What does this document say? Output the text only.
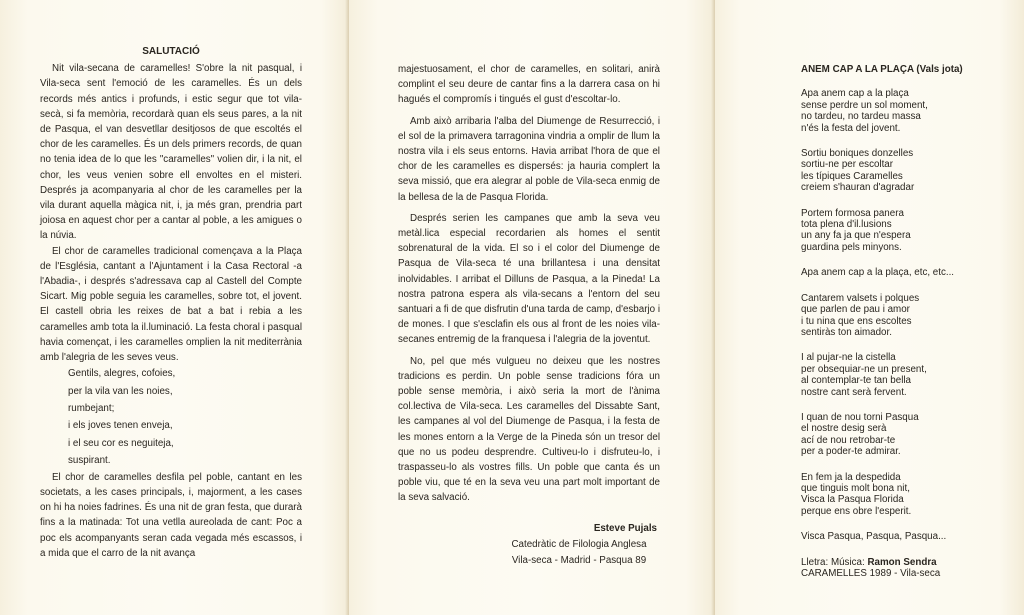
SALUTACIÓ

Nit vila-secana de caramelles! S'obre la nit pasqual, i Vila-seca sent l'emoció de les caramelles. És un dels records més antics i profunds, i estic segur que tot vila-secà, si fa memòria, recordarà quan els seus pares, a la nit de Pasqua, el van desvetllar desitjosos de que escoltés el chor de les caramelles. És un dels primers records, de quan no tenia idea de lo que les "caramelles" volien dir, i la nit, el chor, les veus venien sobre ell envoltes en el misteri. Després ja acompanyaria al chor de les caramelles per la vila durant aquella màgica nit, i, ja més gran, prendria part joiosa en aquest chor per a cantar al poble, a les amigues o la núvia.

El chor de caramelles tradicional començava a la Plaça de l'Església, cantant a l'Ajuntament i la Casa Rectoral -a l'Abadia-, i després s'adressava cap al Castell del Compte Sicart. Mig poble seguia les caramelles, sobre tot, el jovent. El castell obria les reixes de bat a bat i rebia a les caramelles amb tota la il.luminació. La festa choral i pasqual havia començat, i les caramelles omplien la nit mediterrània amb l'alegria de les seves veus.

Gentils, alegres, cofoies,
per la vila van les noies,
rumbejant;
i els joves tenen enveja,
i el seu cor es neguiteja,
suspirant.

El chor de caramelles desfila pel poble, cantant en les societats, a les cases principals, i, majorment, a les cases on hi ha noies fadrines. És una nit de gran festa, que durarà fins a la matinada: Tot una vetlla aureolada de cant: Poc a poc els acompanyants seran cada vegada més escassos, i a mida que el carro de la nit avança

majestuosament, el chor de caramelles, en solitari, anirà complint el seu deure de cantar fins a la darrera casa on hi hagués el compromís i tingués el gust d'escoltar-lo.

Amb això arribaria l'alba del Diumenge de Resurrecció, i el sol de la primavera tarragonina vindria a omplir de llum la nostra vila i els seus entorns. Havia arribat l'hora de que el chor de les caramelles es dispersés: ja hauria complert la seva missió, que era alegrar al poble de Vila-seca enmig de la bellesa de la de Pasqua Florida.

Després serien les campanes que amb la seva veu metàl.lica especial recordarien als homes el sentit sobrenatural de la vida. El so i el color del Diumenge de Pasqua de Vila-seca té una brillantesa i una densitat inolvidables. I arribat el Dilluns de Pasqua, a la Pineda! La nostra patrona espera als vila-secans a l'entorn del seu santuari a fi de que disfrutin d'una tarda de camp, d'esbarjo i de mones. I que s'esclafin els ous al front de les noies vila-secanes entremig de la franquesa i l'alegria de la joventut.

No, pel que més vulgueu no deixeu que les nostres tradicions es perdin. Un poble sense tradicions fóra un poble sense memòria, i això seria la mort de l'ànima col.lectiva de Vila-seca. Les caramelles del Dissabte Sant, les campanes al vol del Diumenge de Pasqua, i la festa de les mones entorn a la Verge de la Pineda són un tresor del que no us podeu desprendre. Cultiveu-lo i disfruteu-lo, i traspasseu-lo als vostres fills. Un poble que canta és un poble viu, que té en la seva veu una part molt important de la seva salvació.

Esteve Pujals
Catedràtic de Filologia Anglesa
Vila-seca - Madrid - Pasqua 89
ANEM CAP A LA PLAÇA (Vals jota)
Apa anem cap a la plaça
sense perdre un sol moment,
no tardeu, no tardeu massa
n'és la festa del jovent.
Sortiu boniques donzelles
sortiu-ne per escoltar
les típiques Caramelles
creiem s'hauran d'agradar
Portem formosa panera
tota plena d'il.lusions
un any fa ja que n'espera
guardina pels minyons.
Apa anem cap a la plaça, etc, etc...
Cantarem valsets i polques
que parlen de pau i amor
i tu nina que ens escoltes
sentiràs ton aimador.
I al pujar-ne la cistella
per obsequiar-ne un present,
al contemplar-te tan bella
nostre cant serà fervent.
I quan de nou torni Pasqua
el nostre desig serà
ací de nou retrobar-te
per a poder-te admirar.
En fem ja la despedida
que tinguis molt bona nit,
Visca la Pasqua Florida
perque ens obre l'esperit.
Visca Pasqua, Pasqua, Pasqua...
Lletra: Música: Ramon Sendra
CARAMELLES 1989 - Vila-seca
